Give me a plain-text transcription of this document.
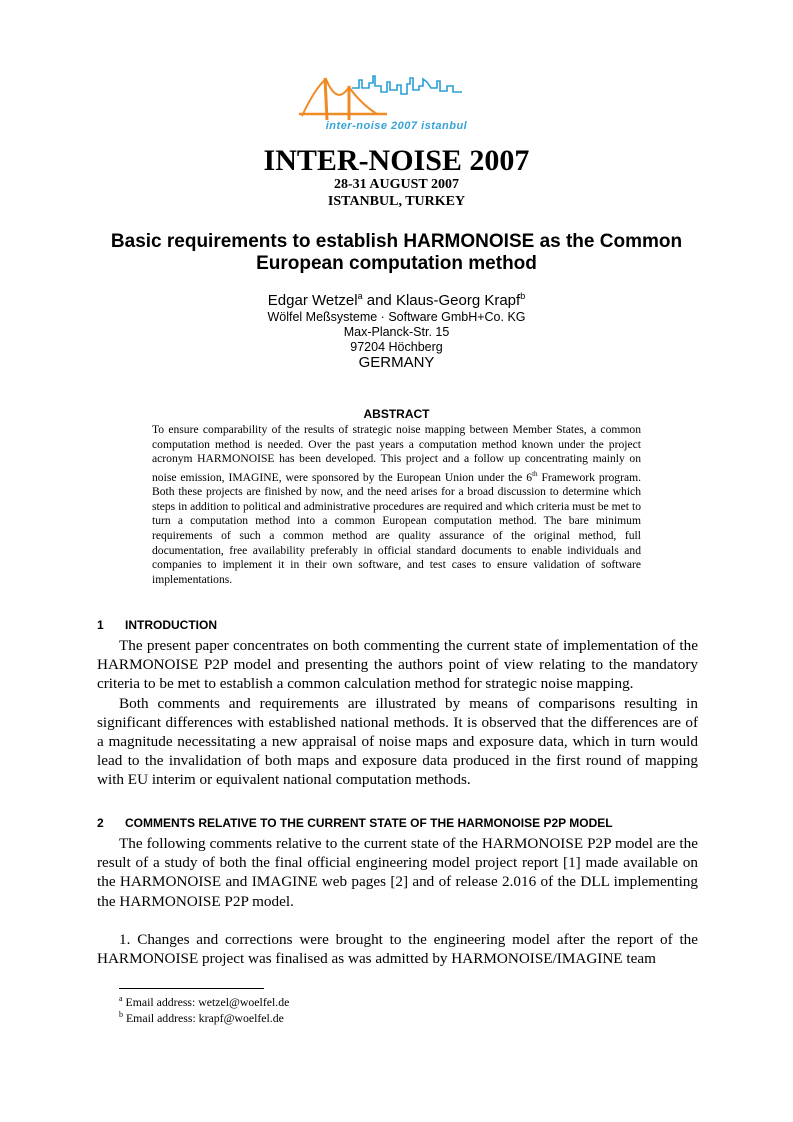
inter-noise 2007 istanbul
INTER-NOISE 2007
28-31 AUGUST 2007
ISTANBUL, TURKEY
Basic requirements to establish HARMONOISE as the Common
European computation method
Edgar Wetzel$^a$ and Klaus-Georg Krapf$^b$
Wölfel Meßsysteme · Software GmbH+Co. KG
Max-Planck-Str. 15
97204 Höchberg
GERMANY
ABSTRACT
To ensure comparability of the results of strategic noise mapping between Member States, a common computation method is needed. Over the past years a computation method known under the project acronym HARMONOISE has been developed. This project and a follow up concentrating mainly on noise emission, IMAGINE, were sponsored by the European Union under the 6th Framework program. Both these projects are finished by now, and the need arises for a broad discussion to determine which steps in addition to political and administrative procedures are required and which criteria must be met to turn a computation method into a common European computation method. The bare minimum requirements of such a common method are quality assurance of the original method, full documentation, free availability preferably in official standard documents to enable individuals and companies to implement it in their own software, and test cases to ensure validation of software implementations.
1 INTRODUCTION

The present paper concentrates on both commenting the current state of implementation of the HARMONOISE P2P model and presenting the authors point of view relating to the mandatory criteria to be met to establish a common calculation method for strategic noise mapping.

Both comments and requirements are illustrated by means of comparisons resulting in significant differences with established national methods. It is observed that the differences are of a magnitude necessitating a new appraisal of noise maps and exposure data, which in turn would lead to the invalidation of both maps and exposure data produced in the first round of mapping with EU interim or equivalent national computation methods.

2 COMMENTS RELATIVE TO THE CURRENT STATE OF THE HARMONOISE P2P MODEL

The following comments relative to the current state of the HARMONOISE P2P model are the result of a study of both the final official engineering model project report [1] made available on the HARMONOISE and IMAGINE web pages [2] and of release 2.016 of the DLL implementing the HARMONOISE P2P model.

1. Changes and corrections were brought to the engineering model after the report of the HARMONOISE project was finalised as was admitted by HARMONOISE/IMAGINE team

$^a$ Email address: wetzel@woelfel.de
$^b$ Email address: krapf@woelfel.de
